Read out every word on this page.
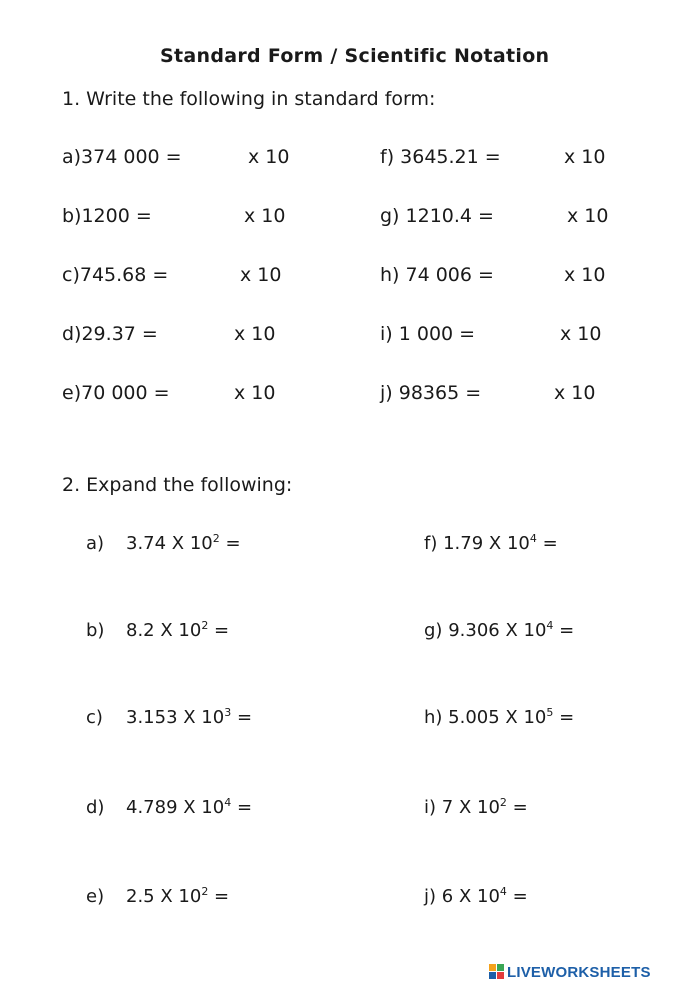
Standard Form / Scientific Notation
1. Write the following in standard form:
a)374 000 =	x 10
b)1200 =	x 10
c)745.68 =	x 10
d)29.37 =	x 10
e)70 000 =	x 10
f) 3645.21 =	x 10
g) 1210.4 =	x 10
h) 74 006 =	x 10
i) 1 000 =	x 10
j) 98365 =	x 10
2. Expand the following:
a) 3.74 X $10^2$ =
b) 8.2 X $10^2$ =
c) 3.153 X $10^3$ =
d) 4.789 X $10^4$ =
e) 2.5 X $10^2$ =
f) 1.79 X $10^4$ =
g) 9.306 X $10^4$ =
h) 5.005 X $10^5$ =
i) 7 X $10^2$ =
j) 6 X $10^4$ =
LIVEWORKSHEETS
